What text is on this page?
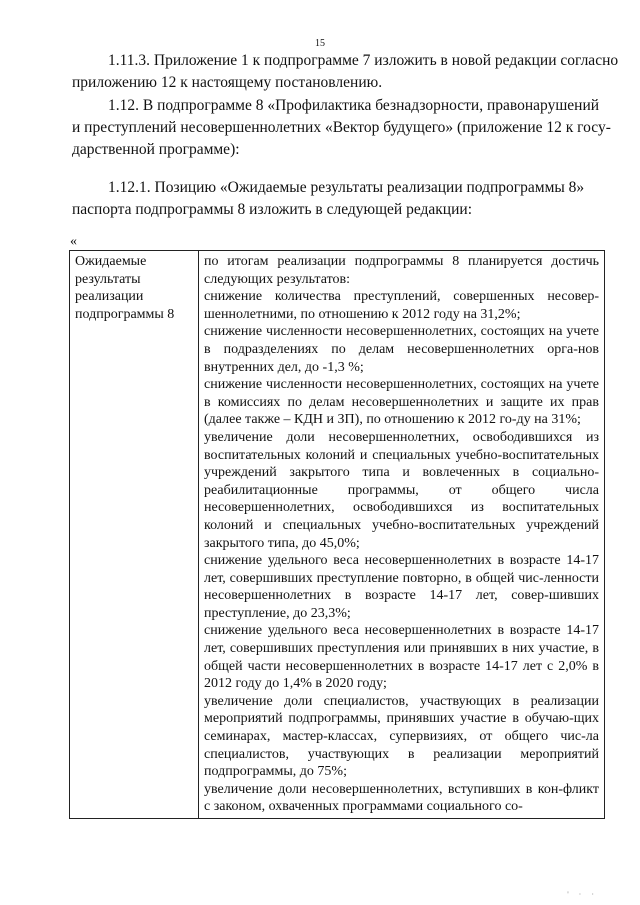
15
1.11.3. Приложение 1 к подпрограмме 7 изложить в новой редакции согласно
приложению 12 к настоящему постановлению.
1.12. В подпрограмме 8 «Профилактика безнадзорности, правонарушений
и преступлений несовершеннолетних «Вектор будущего» (приложение 12 к госу-
дарственной программе):
1.12.1. Позицию «Ожидаемые результаты реализации подпрограммы 8»
паспорта подпрограммы 8 изложить в следующей редакции:
«
Ожидаемые результаты реализации подпрограммы 8	
по итогам реализации подпрограммы 8 планируется достичь следующих результатов:
снижение количества преступлений, совершенных несовер-шеннолетними, по отношению к 2012 году на 31,2%;
снижение численности несовершеннолетних, состоящих на учете в подразделениях по делам несовершеннолетних орга-нов внутренних дел, до -1,3 %;
снижение численности несовершеннолетних, состоящих на учете в комиссиях по делам несовершеннолетних и защите их прав (далее также – КДН и ЗП), по отношению к 2012 го-ду на 31%;
увеличение доли несовершеннолетних, освободившихся из воспитательных колоний и специальных учебно-воспитательных учреждений закрытого типа и вовлеченных в социально-реабилитационные программы, от общего числа несовершеннолетних, освободившихся из воспитательных колоний и специальных учебно-воспитательных учреждений закрытого типа, до 45,0%;
снижение удельного веса несовершеннолетних в возрасте 14-17 лет, совершивших преступление повторно, в общей чис-ленности несовершеннолетних в возрасте 14-17 лет, совер-шивших преступление, до 23,3%;
снижение удельного веса несовершеннолетних в возрасте 14-17 лет, совершивших преступления или принявших в них участие, в общей части несовершеннолетних в возрасте 14-17 лет с 2,0% в 2012 году до 1,4% в 2020 году;
увеличение доли специалистов, участвующих в реализации мероприятий подпрограммы, принявших участие в обучаю-щих семинарах, мастер-классах, супервизиях, от общего чис-ла специалистов, участвующих в реализации мероприятий подпрограммы, до 75%;
увеличение доли несовершеннолетних, вступивших в кон-фликт с законом, охваченных программами социального со-
' · ·
